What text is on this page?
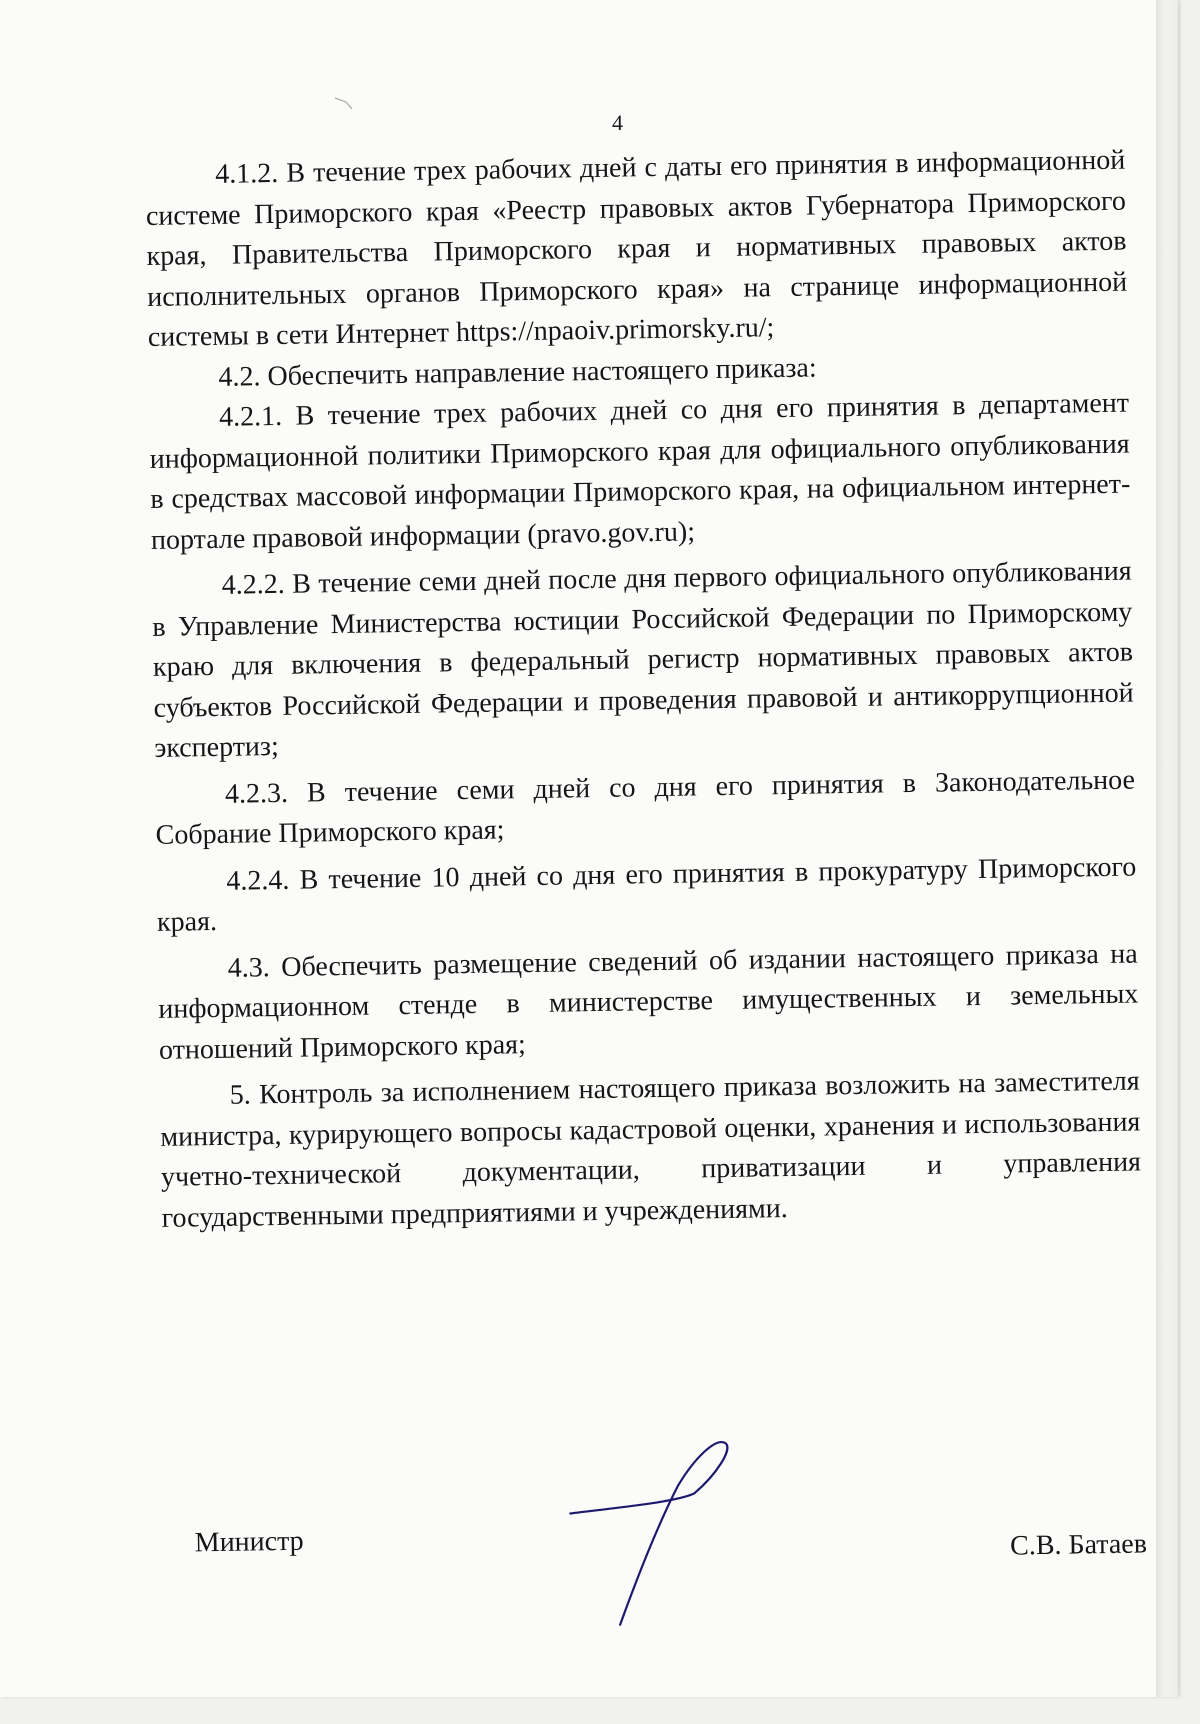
4

4.1.2. В течение трех рабочих дней с даты его принятия в информационной системе Приморского края «Реестр правовых актов Губернатора Приморского края, Правительства Приморского края и нормативных правовых актов исполнительных органов Приморского края» на странице информационной системы в сети Интернет https://npaoiv.primorsky.ru/;

4.2. Обеспечить направление настоящего приказа:

4.2.1. В течение трех рабочих дней со дня его принятия в департамент информационной политики Приморского края для официального опубликования в средствах массовой информации Приморского края, на официальном интернет-портале правовой информации (pravo.gov.ru);

4.2.2. В течение семи дней после дня первого официального опубликования в Управление Министерства юстиции Российской Федерации по Приморскому краю для включения в федеральный регистр нормативных правовых актов субъектов Российской Федерации и проведения правовой и антикоррупционной экспертиз;

4.2.3. В течение семи дней со дня его принятия в Законодательное Собрание Приморского края;

4.2.4. В течение 10 дней со дня его принятия в прокуратуру Приморского края.

4.3. Обеспечить размещение сведений об издании настоящего приказа на информационном стенде в министерстве имущественных и земельных отношений Приморского края;

5. Контроль за исполнением настоящего приказа возложить на заместителя министра, курирующего вопросы кадастровой оценки, хранения и использования учетно-технической документации, приватизации и управления государственными предприятиями и учреждениями.

Министр	С.В. Батаев
